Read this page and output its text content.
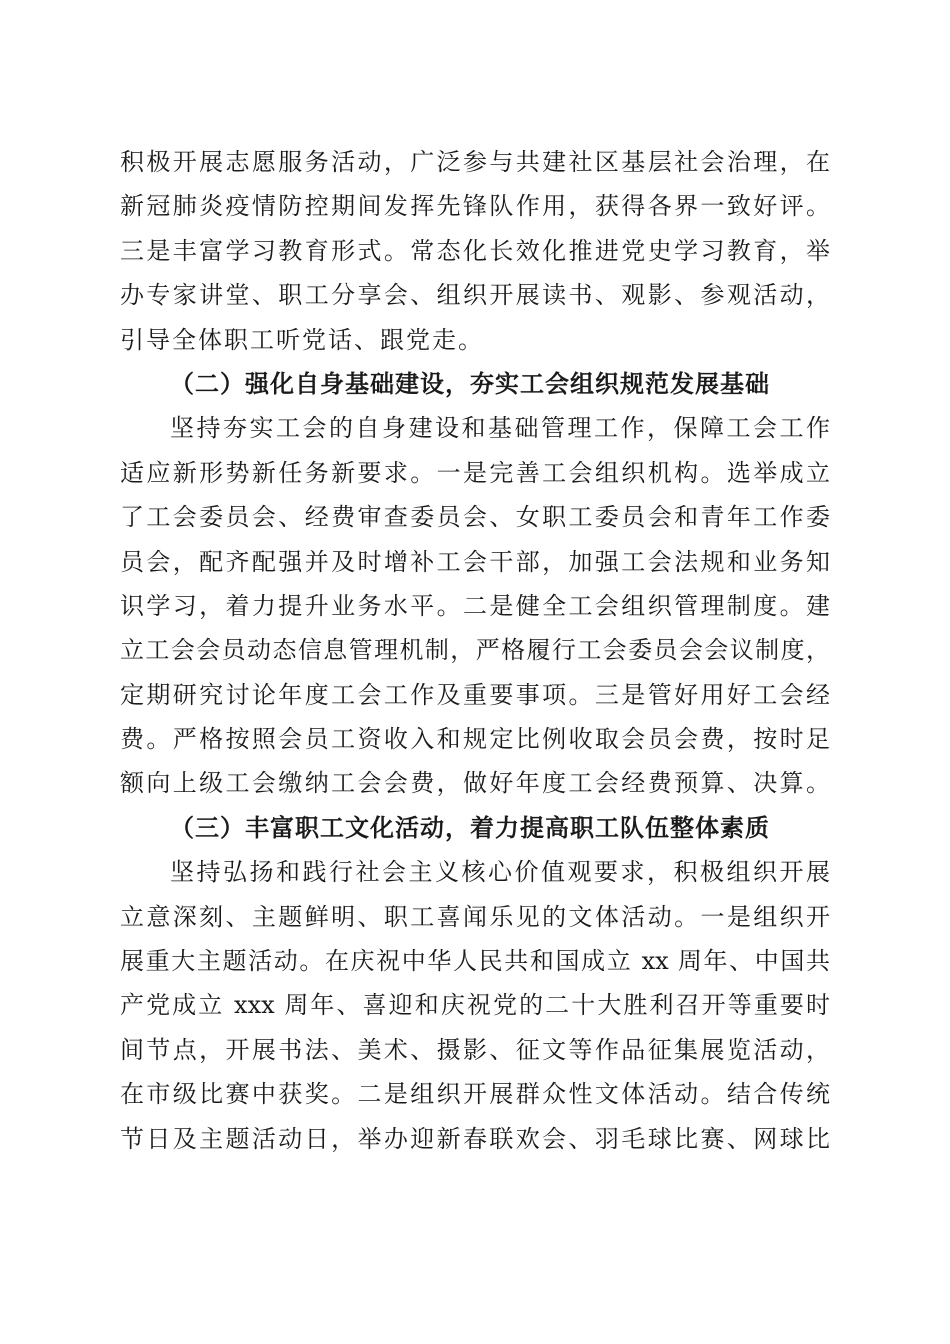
积极开展志愿服务活动，广泛参与共建社区基层社会治理，在
新冠肺炎疫情防控期间发挥先锋队作用，获得各界一致好评。
三是丰富学习教育形式。常态化长效化推进党史学习教育，举
办专家讲堂、职工分享会、组织开展读书、观影、参观活动，
引导全体职工听党话、跟党走。
（二）强化自身基础建设，夯实工会组织规范发展基础
坚持夯实工会的自身建设和基础管理工作，保障工会工作
适应新形势新任务新要求。一是完善工会组织机构。选举成立
了工会委员会、经费审查委员会、女职工委员会和青年工作委
员会，配齐配强并及时增补工会干部，加强工会法规和业务知
识学习，着力提升业务水平。二是健全工会组织管理制度。建
立工会会员动态信息管理机制，严格履行工会委员会会议制度，
定期研究讨论年度工会工作及重要事项。三是管好用好工会经
费。严格按照会员工资收入和规定比例收取会员会费，按时足
额向上级工会缴纳工会会费，做好年度工会经费预算、决算。
（三）丰富职工文化活动，着力提高职工队伍整体素质
坚持弘扬和践行社会主义核心价值观要求，积极组织开展
立意深刻、主题鲜明、职工喜闻乐见的文体活动。一是组织开
展重大主题活动。在庆祝中华人民共和国成立 xx 周年、中国共
产党成立 xxx 周年、喜迎和庆祝党的二十大胜利召开等重要时
间节点，开展书法、美术、摄影、征文等作品征集展览活动，
在市级比赛中获奖。二是组织开展群众性文体活动。结合传统
节日及主题活动日，举办迎新春联欢会、羽毛球比赛、网球比
